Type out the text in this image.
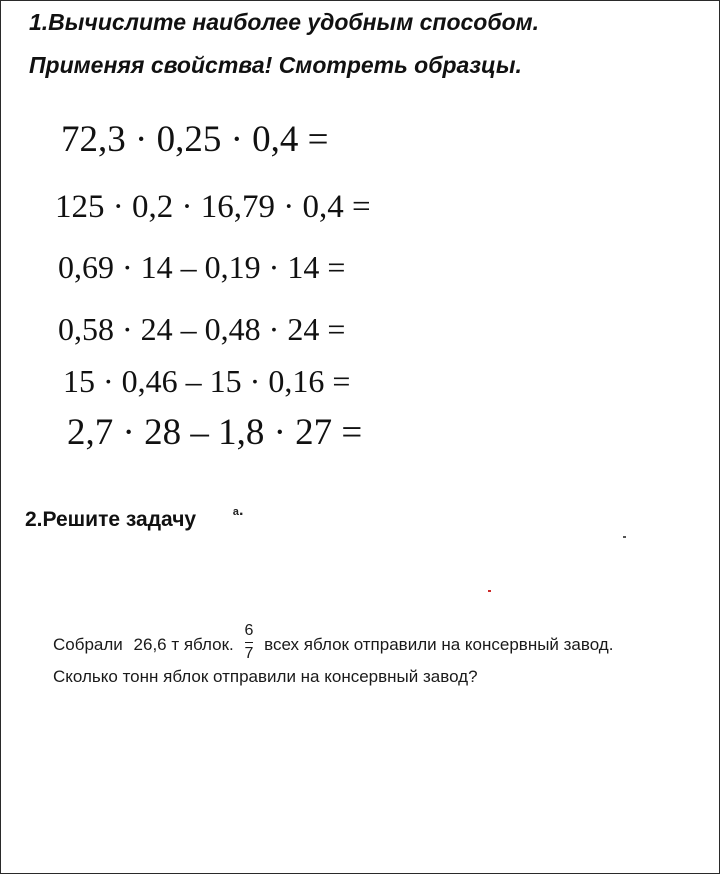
1.Вычислите наиболее удобным способом.

Применяя свойства! Смотреть образцы.

72,3 · 0,25 · 0,4 =

125 · 0,2 · 16,79 · 0,4 =

0,69 · 14 – 0,19 · 14 =

0,58 · 24 – 0,48 · 24 =

15 · 0,46 – 15 · 0,16 =

2,7 · 28 – 1,8 · 27 =

2.Решите задачу ᵃ·

Собрали 26,6 т яблок. $\frac{6}{7}$ всех яблок отправили на консервный завод.

Сколько тонн яблок отправили на консервный завод?
